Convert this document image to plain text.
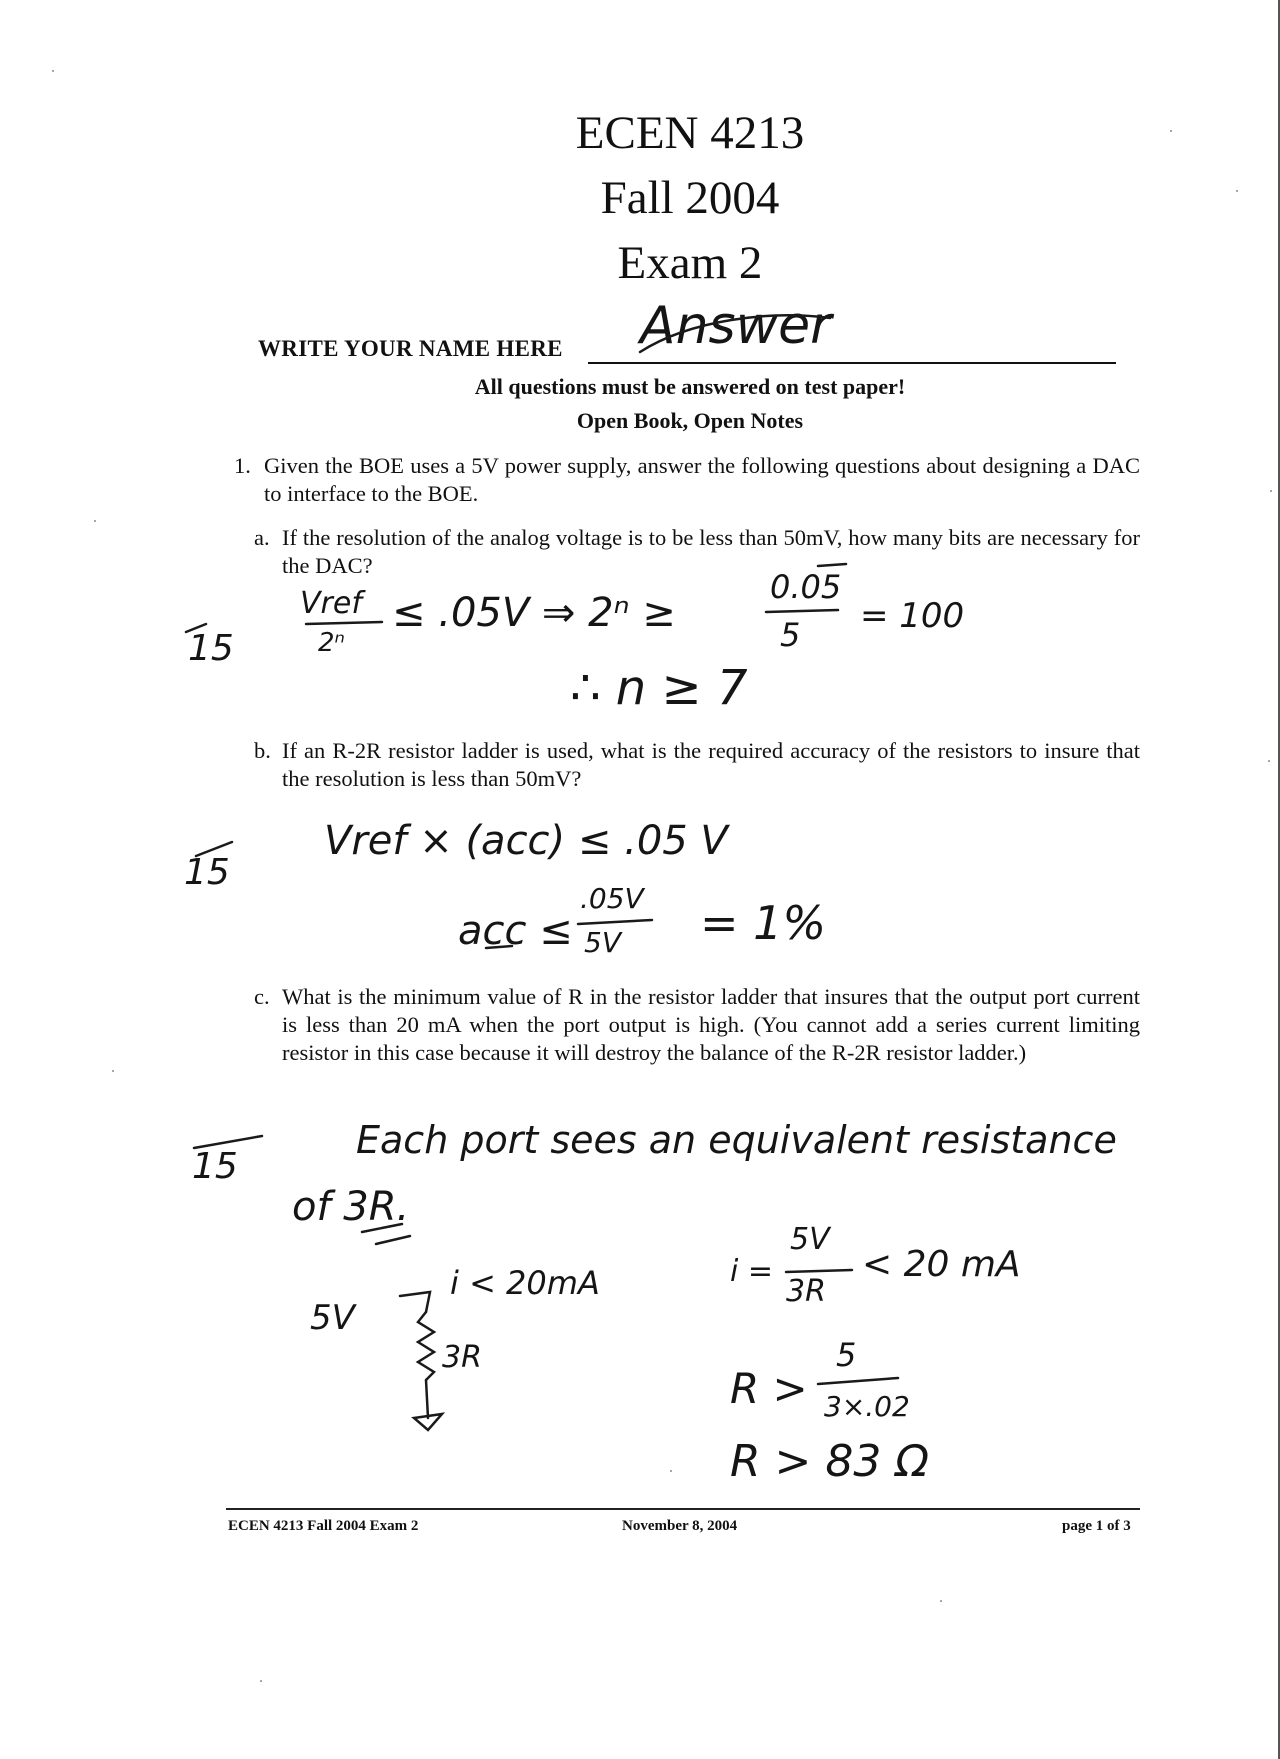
ECEN 4213
Fall 2004
Exam 2
WRITE YOUR NAME HERE Answer
All questions must be answered on test paper!
Open Book, Open Notes
1. Given the BOE uses a 5V power supply, answer the following questions about designing a DAC to interface to the BOE.
a. If the resolution of the analog voltage is to be less than 50mV, how many bits are necessary for the DAC?
15
Vref
2ⁿ
≤ .05V ⇒ 2ⁿ ≥
0.05
5 = 100
∴ n ≥ 7
b. If an R-2R resistor ladder is used, what is the required accuracy of the resistors to insure that the resolution is less than 50mV?
15
Vref × (acc) ≤ .05 V
acc ≤
.05V
5V = 1%
c. What is the minimum value of R in the resistor ladder that insures that the output port current is less than 20 mA when the port output is high. (You cannot add a series current limiting resistor in this case because it will destroy the balance of the R-2R resistor ladder.)
15
Each port sees an equivalent resistance
of 3R.
5V
i < 20mA
3R
i =
5V
3R
< 20 mA
R >
5
3×.02
R > 83 Ω
ECEN 4213 Fall 2004 Exam 2	November 8, 2004	page 1 of 3
